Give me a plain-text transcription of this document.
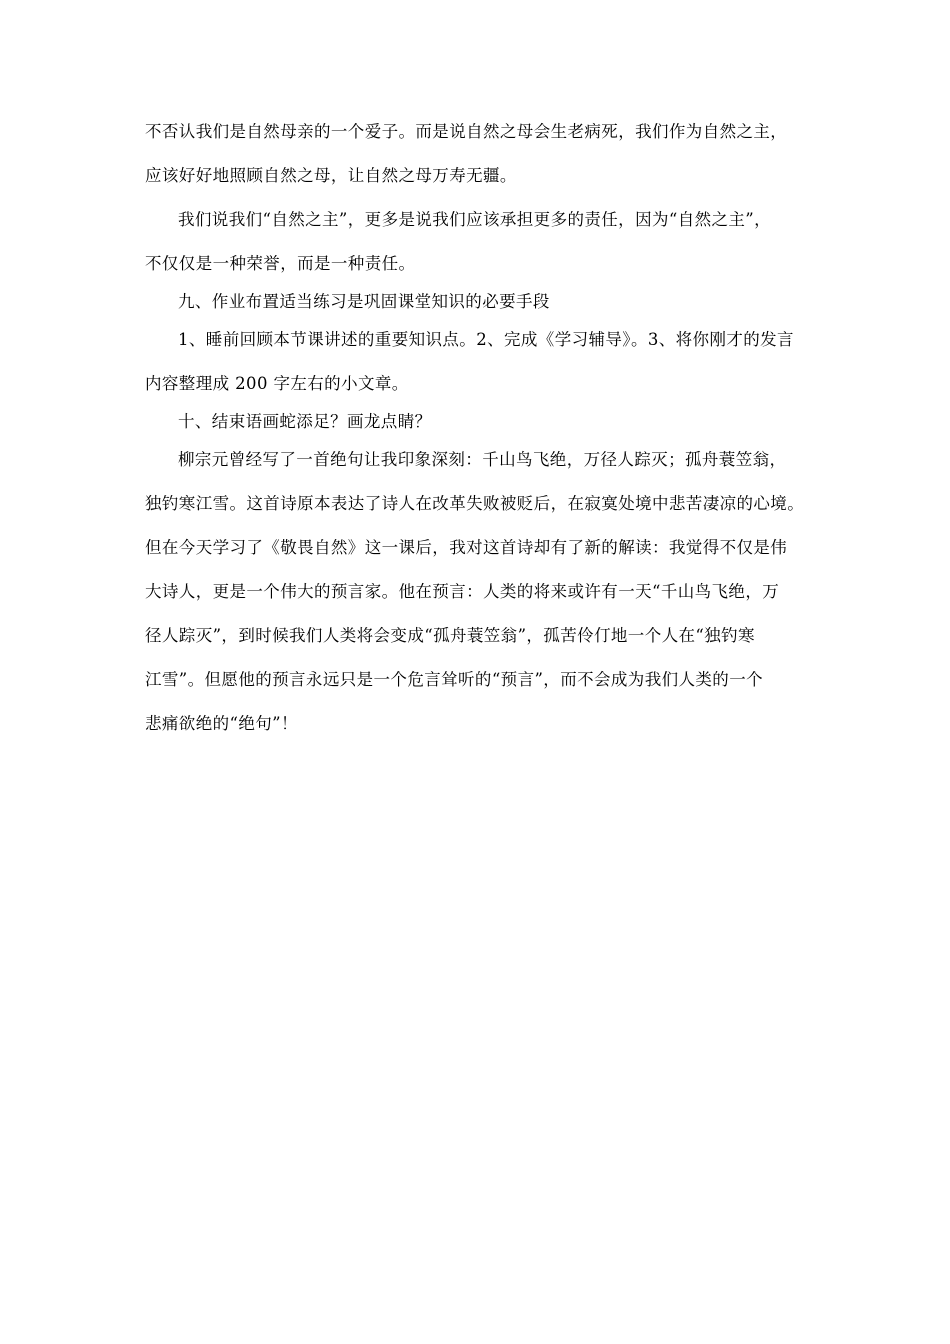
不否认我们是自然母亲的一个爱子。而是说自然之母会生老病死，我们作为自然之主，
应该好好地照顾自然之母，让自然之母万寿无疆。
我们说我们“自然之主”，更多是说我们应该承担更多的责任，因为“自然之主”，
不仅仅是一种荣誉，而是一种责任。
九、作业布置适当练习是巩固课堂知识的必要手段
1、睡前回顾本节课讲述的重要知识点。2、完成《学习辅导》。3、将你刚才的发言
内容整理成 200 字左右的小文章。
十、结束语画蛇添足？画龙点睛？
柳宗元曾经写了一首绝句让我印象深刻：千山鸟飞绝，万径人踪灭；孤舟蓑笠翁，
独钓寒江雪。这首诗原本表达了诗人在改革失败被贬后，在寂寞处境中悲苦凄凉的心境。
但在今天学习了《敬畏自然》这一课后，我对这首诗却有了新的解读：我觉得不仅是伟
大诗人，更是一个伟大的预言家。他在预言：人类的将来或许有一天“千山鸟飞绝，万
径人踪灭”，到时候我们人类将会变成“孤舟蓑笠翁”，孤苦伶仃地一个人在“独钓寒
江雪”。但愿他的预言永远只是一个危言耸听的“预言”，而不会成为我们人类的一个
悲痛欲绝的“绝句”！
